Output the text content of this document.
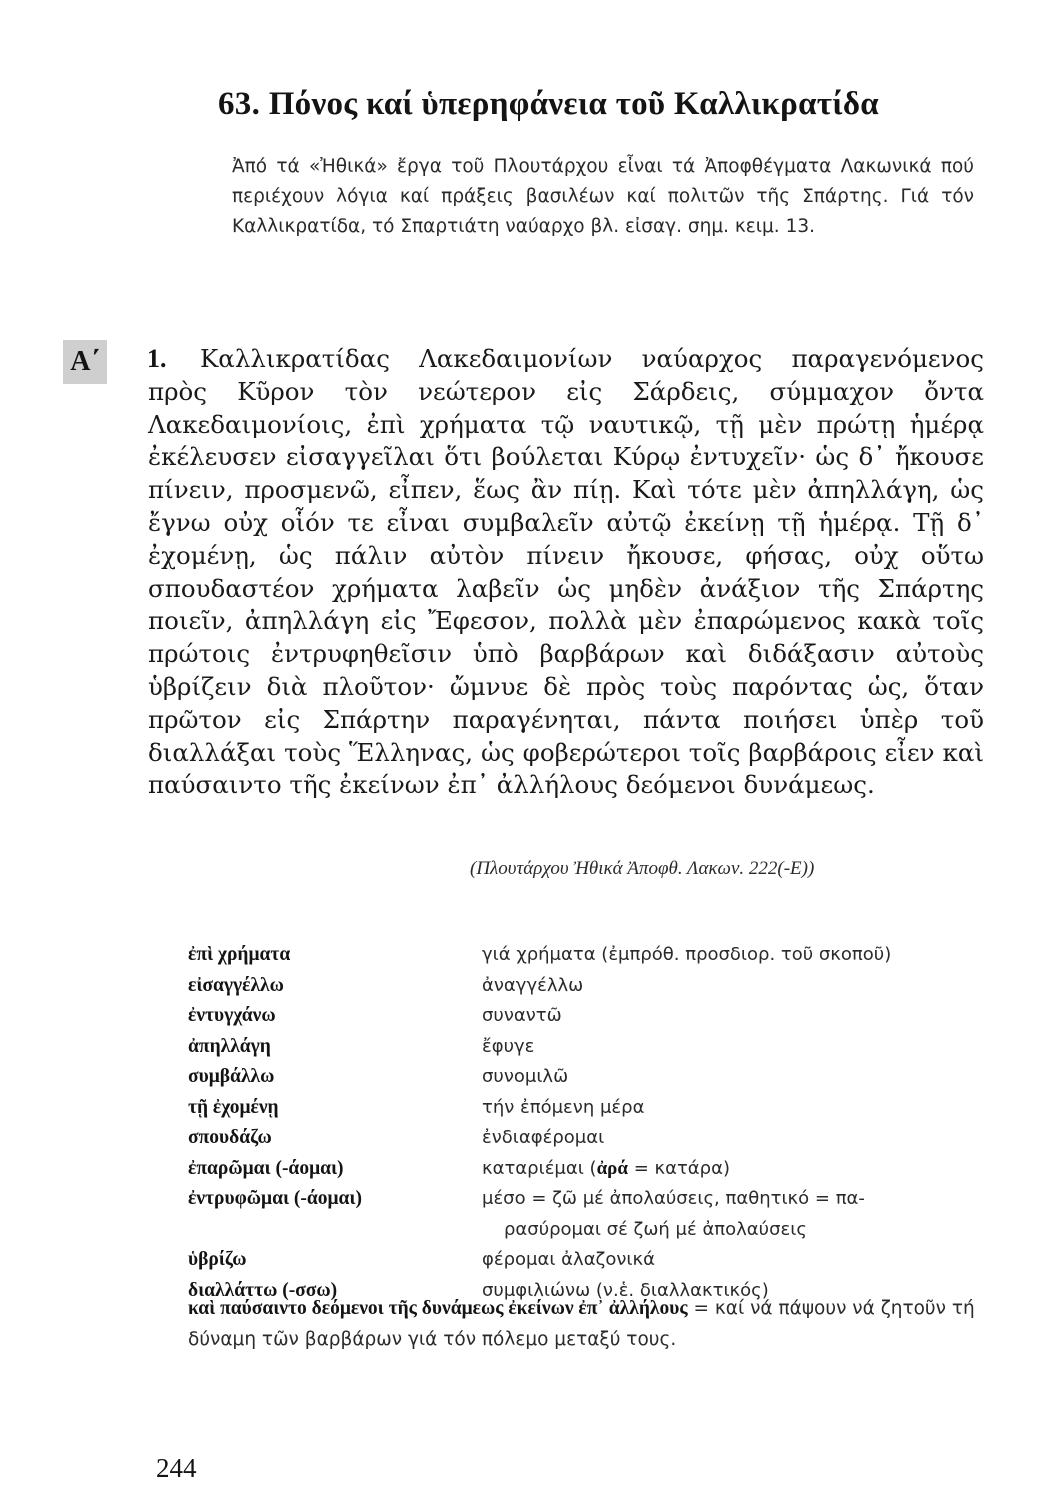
63. Πόνος καί ὑπερηφάνεια τοῦ Καλλικρατίδα
Ἀπό τά «Ἠθικά» ἔργα τοῦ Πλουτάρχου εἶναι τά Ἀποφθέγματα Λακωνικά πού περιέχουν λόγια καί πράξεις βασιλέων καί πολιτῶν τῆς Σπάρτης. Γιά τόν Καλλικρατίδα, τό Σπαρτιάτη ναύαρχο βλ. εἰσαγ. σημ. κειμ. 13.
Α΄ 1.	Καλλικρατίδας Λακεδαιμονίων ναύαρχος παραγενόμενος πρὸς Κῦρον τὸν νεώτερον εἰς Σάρδεις, σύμμαχον ὄντα Λακεδαιμονίοις, ἐπὶ χρήματα τῷ ναυτικῷ, τῇ μὲν πρώτῃ ἡμέρᾳ ἐκέλευσεν εἰσαγγεῖλαι ὅτι βούλεται Κύρῳ ἐντυχεῖν· ὡς δ᾽ ἤκουσε πίνειν, προσμενῶ, εἶπεν, ἕως ἂν πίῃ. Καὶ τότε μὲν ἀπηλλάγη, ὡς ἔγνω οὐχ οἷόν τε εἶναι συμβαλεῖν αὐτῷ ἐκείνῃ τῇ ἡμέρᾳ. Τῇ δ᾽ ἐχομένῃ, ὡς πάλιν αὐτὸν πίνειν ἤκουσε, φήσας, οὐχ οὕτω σπουδαστέον χρήματα λαβεῖν ὡς μηδὲν ἀνάξιον τῆς Σπάρτης ποιεῖν, ἀπηλλάγη εἰς Ἔφεσον, πολλὰ μὲν ἐπαρώμενος κακὰ τοῖς πρώτοις ἐντρυφηθεῖσιν ὑπὸ βαρβάρων καὶ διδάξασιν αὐτοὺς ὑβρίζειν διὰ πλοῦτον· ὤμνυε δὲ πρὸς τοὺς παρόντας ὡς, ὅταν πρῶτον εἰς Σπάρτην παραγένηται, πάντα ποιήσει ὑπὲρ τοῦ διαλλάξαι τοὺς Ἕλληνας, ὡς φοβερώτεροι τοῖς βαρβάροις εἶεν καὶ παύσαιντο τῆς ἐκείνων ἐπ᾽ ἀλλήλους δεόμενοι δυνάμεως.
(Πλουτάρχου Ἠθικά Ἀποφθ. Λακων. 222(-Ε))
ἐπὶ χρήματα	γιά χρήματα (ἐμπρόθ. προσδιορ. τοῦ σκοποῦ)
εἰσαγγέλλω	ἀναγγέλλω
ἐντυγχάνω	συναντῶ
ἀπηλλάγη	ἔφυγε
συμβάλλω	συνομιλῶ
τῇ ἐχομένῃ	τήν ἐπόμενη μέρα
σπουδάζω	ἐνδιαφέρομαι
ἐπαρῶμαι (-άομαι)	καταριέμαι (ἀρά = κατάρα)
ἐντρυφῶμαι (-άομαι)	μέσο = ζῶ μέ ἀπολαύσεις, παθητικό = πα-
ρασύρομαι σέ ζωή μέ ἀπολαύσεις
ὑβρίζω	φέρομαι ἀλαζονικά
διαλλάττω (-σσω)	συμφιλιώνω (ν.ἑ. διαλλακτικός)
καὶ παύσαιντο δεόμενοι τῆς δυνάμεως ἐκείνων ἐπ᾽ ἀλλήλους = καί νά πάψουν νά ζητοῦν τή δύναμη τῶν βαρβάρων γιά τόν πόλεμο μεταξύ τους.
244
